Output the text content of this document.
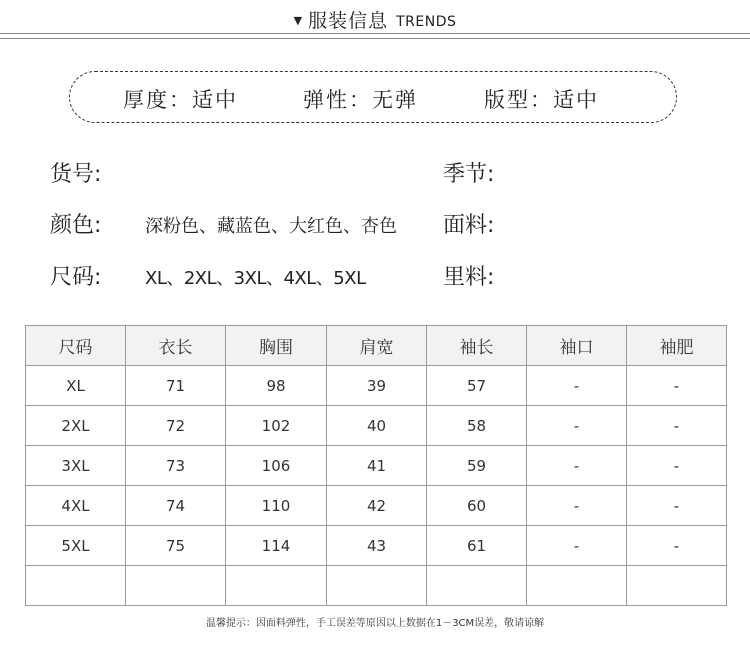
▼ 服装信息 TRENDS
厚度：适中	弹性：无弹	版型：适中
货号:	季节:
颜色: 深粉色、藏蓝色、大红色、杏色 面料:
尺码: XL、2XL、3XL、4XL、5XL	里料:
尺码	衣长	胸围	肩宽	袖长	袖口	袖肥
XL	71	98	39	57	-	-
2XL	72	102	40	58	-	-
3XL	73	106	41	59	-	-
4XL	74	110	42	60	-	-
5XL	75	114	43	61	-	-

温馨提示：因面料弹性，手工误差等原因以上数据在1－3CM误差，敬请谅解
